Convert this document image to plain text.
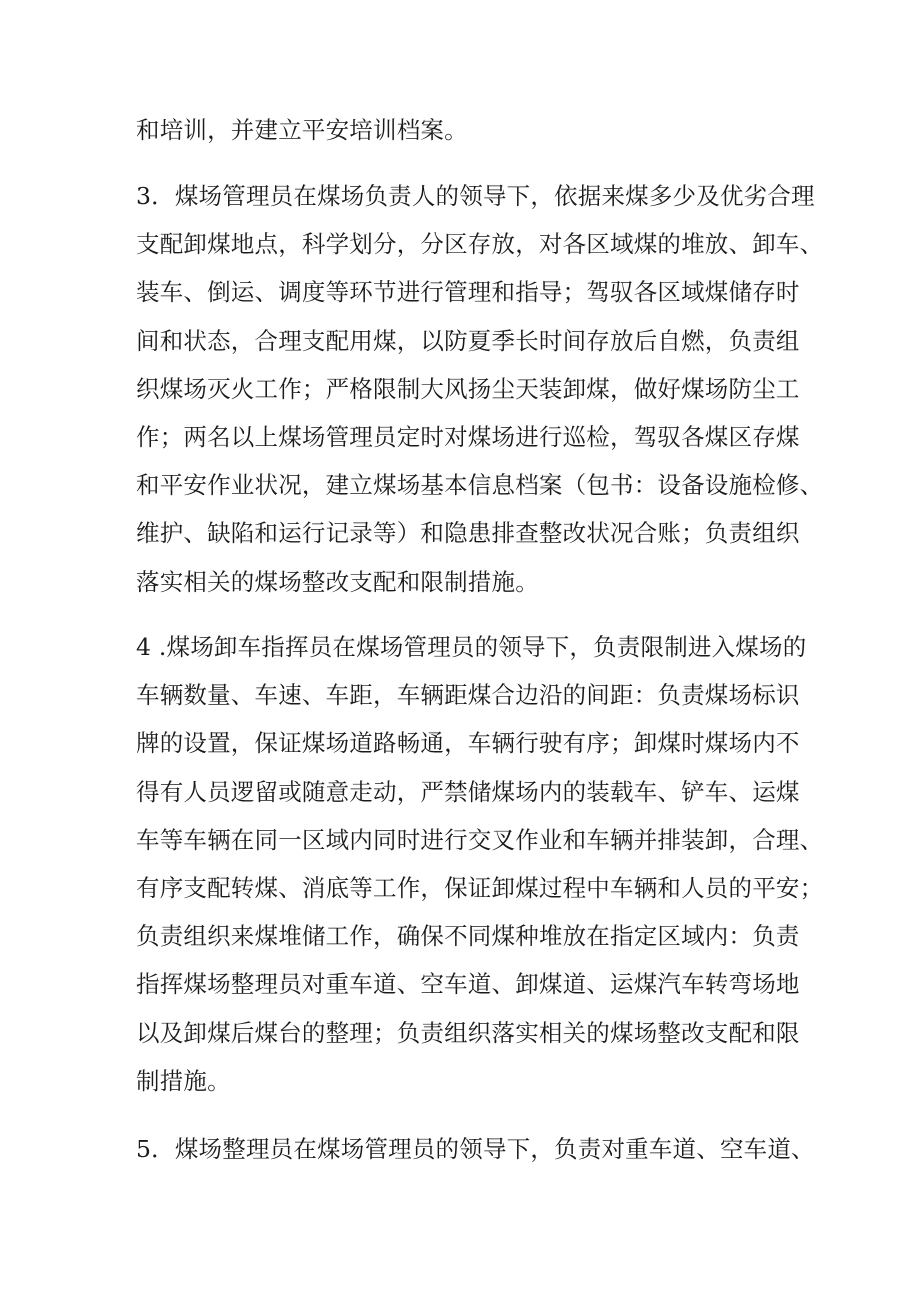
和培训，并建立平安培训档案。

3．煤场管理员在煤场负责人的领导下，依据来煤多少及优劣合理
支配卸煤地点，科学划分，分区存放，对各区域煤的堆放、卸车、
装车、倒运、调度等环节进行管理和指导；驾驭各区域煤储存时
间和状态，合理支配用煤，以防夏季长时间存放后自燃，负责组
织煤场灭火工作；严格限制大风扬尘天装卸煤，做好煤场防尘工
作；两名以上煤场管理员定时对煤场进行巡检，驾驭各煤区存煤
和平安作业状况，建立煤场基本信息档案（包书：设备设施检修、
维护、缺陷和运行记录等）和隐患排查整改状况合账；负责组织
落实相关的煤场整改支配和限制措施。

4 .煤场卸车指挥员在煤场管理员的领导下，负责限制进入煤场的
车辆数量、车速、车距，车辆距煤合边沿的间距：负责煤场标识
牌的设置，保证煤场道路畅通，车辆行驶有序；卸煤时煤场内不
得有人员逻留或随意走动，严禁储煤场内的装载车、铲车、运煤
车等车辆在同一区域内同时进行交叉作业和车辆并排装卸，合理、
有序支配转煤、消底等工作，保证卸煤过程中车辆和人员的平安；
负责组织来煤堆储工作，确保不同煤种堆放在指定区域内：负责
指挥煤场整理员对重车道、空车道、卸煤道、运煤汽车转弯场地
以及卸煤后煤台的整理；负责组织落实相关的煤场整改支配和限
制措施。

5．煤场整理员在煤场管理员的领导下，负责对重车道、空车道、
